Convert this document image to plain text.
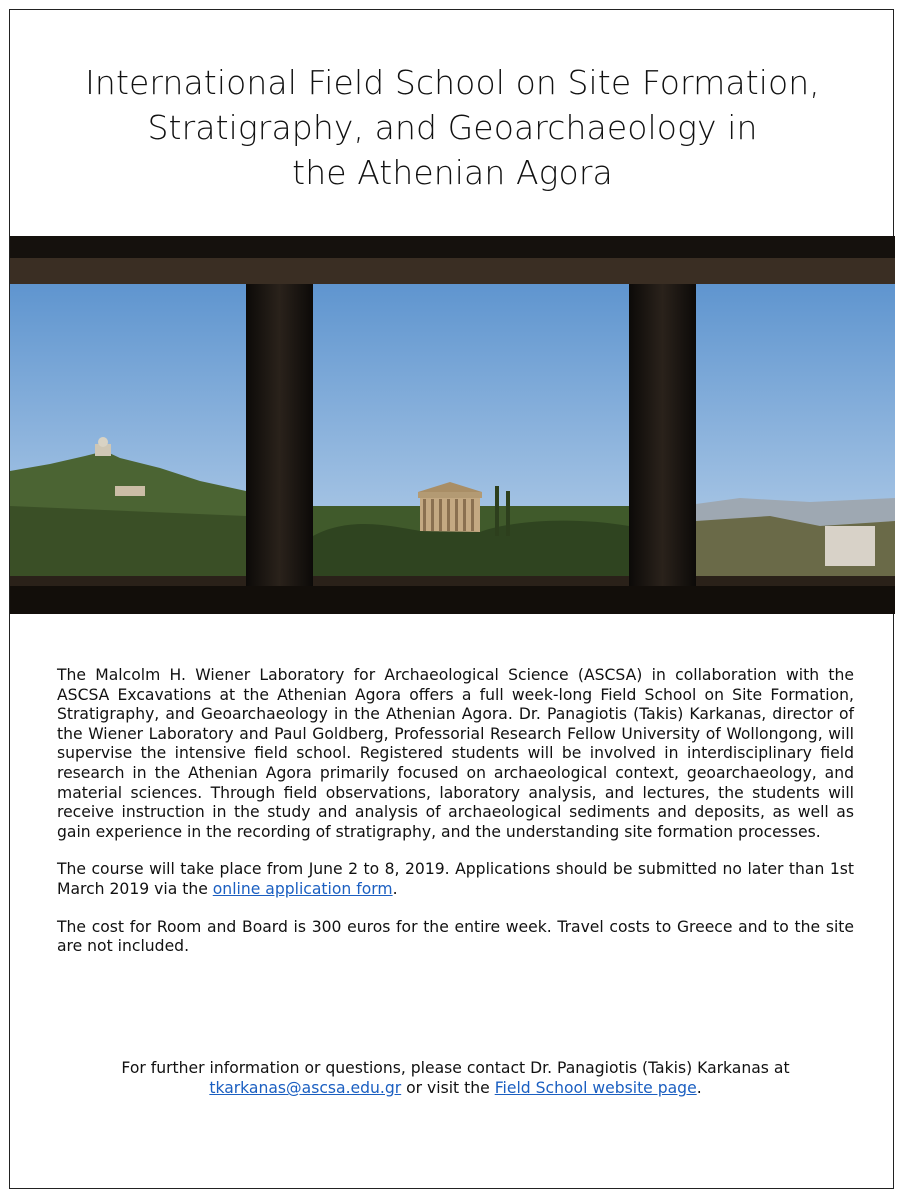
International Field School on Site Formation,
Stratigraphy, and Geoarchaeology in
the Athenian Agora

The Malcolm H. Wiener Laboratory for Archaeological Science (ASCSA) in collaboration with the ASCSA Excavations at the Athenian Agora offers a full week-long Field School on Site Formation, Stratigraphy, and Geoarchaeology in the Athenian Agora. Dr. Panagiotis (Takis) Karkanas, director of the Wiener Laboratory and Paul Goldberg, Professorial Research Fellow University of Wollongong, will supervise the intensive field school. Registered students will be involved in interdisciplinary field research in the Athenian Agora primarily focused on archaeological context, geoarchaeology, and material sciences. Through field observations, laboratory analysis, and lectures, the students will receive instruction in the study and analysis of archaeological sediments and deposits, as well as gain experience in the recording of stratigraphy, and the understanding site formation processes.

The course will take place from June 2 to 8, 2019. Applications should be submitted no later than 1st March 2019 via the online application form.

The cost for Room and Board is 300 euros for the entire week. Travel costs to Greece and to the site are not included.

For further information or questions, please contact Dr. Panagiotis (Takis) Karkanas at
tkarkanas@ascsa.edu.gr or visit the Field School website page.
